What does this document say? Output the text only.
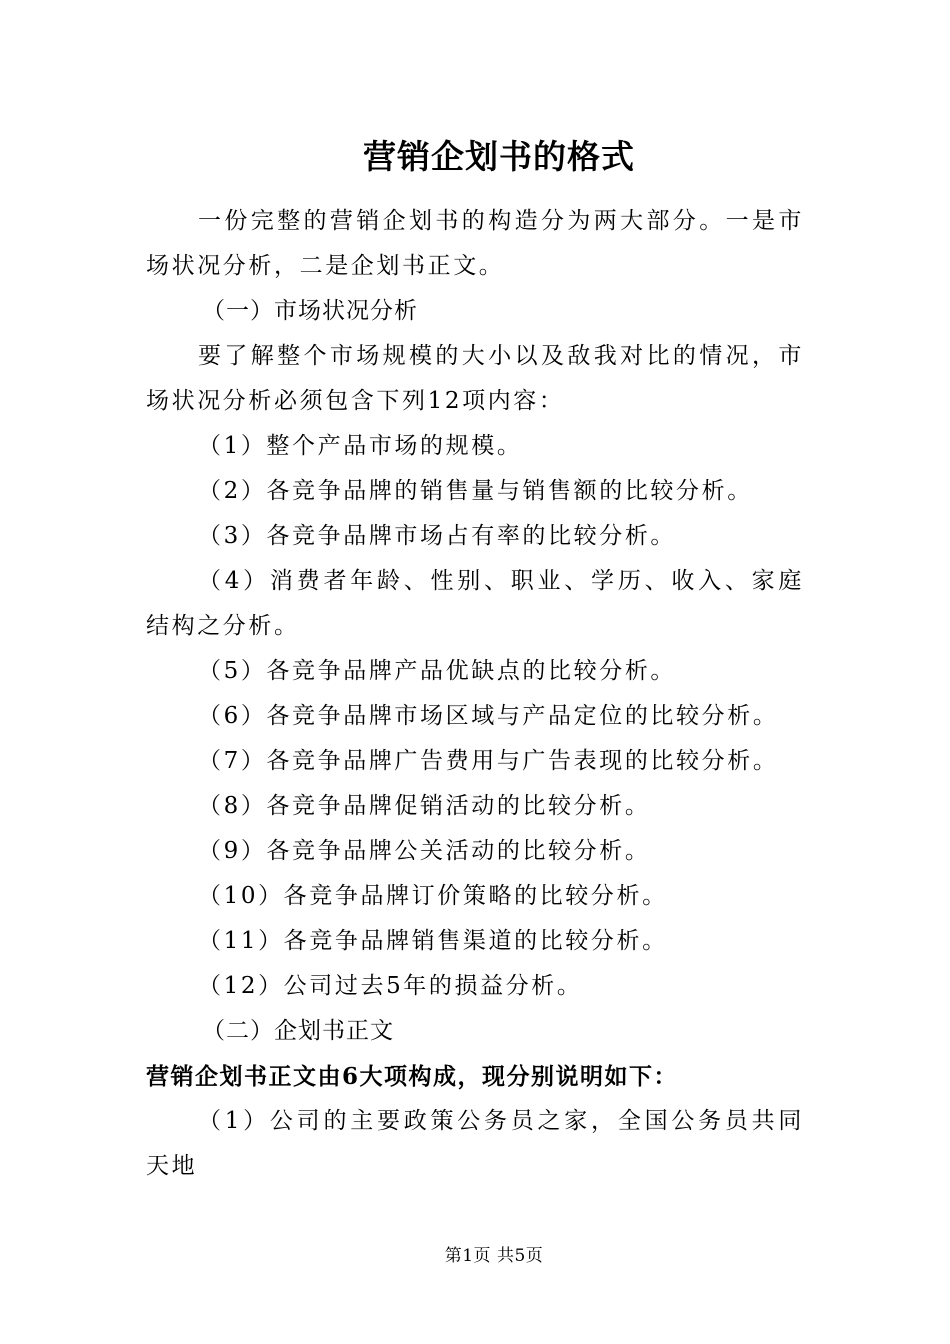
营销企划书的格式

一份完整的营销企划书的构造分为两大部分。一是市场状况分析，二是企划书正文。

（一）市场状况分析

要了解整个市场规模的大小以及敌我对比的情况，市场状况分析必须包含下列12项内容：

（1）整个产品市场的规模。

（2）各竞争品牌的销售量与销售额的比较分析。

（3）各竞争品牌市场占有率的比较分析。

（4）消费者年龄、性别、职业、学历、收入、家庭结构之分析。

（5）各竞争品牌产品优缺点的比较分析。

（6）各竞争品牌市场区域与产品定位的比较分析。

（7）各竞争品牌广告费用与广告表现的比较分析。

（8）各竞争品牌促销活动的比较分析。

（9）各竞争品牌公关活动的比较分析。

（10）各竞争品牌订价策略的比较分析。

（11）各竞争品牌销售渠道的比较分析。

（12）公司过去5年的损益分析。

（二）企划书正文

营销企划书正文由6大项构成，现分别说明如下：

（1）公司的主要政策公务员之家，全国公务员共同天地

第1页 共5页
